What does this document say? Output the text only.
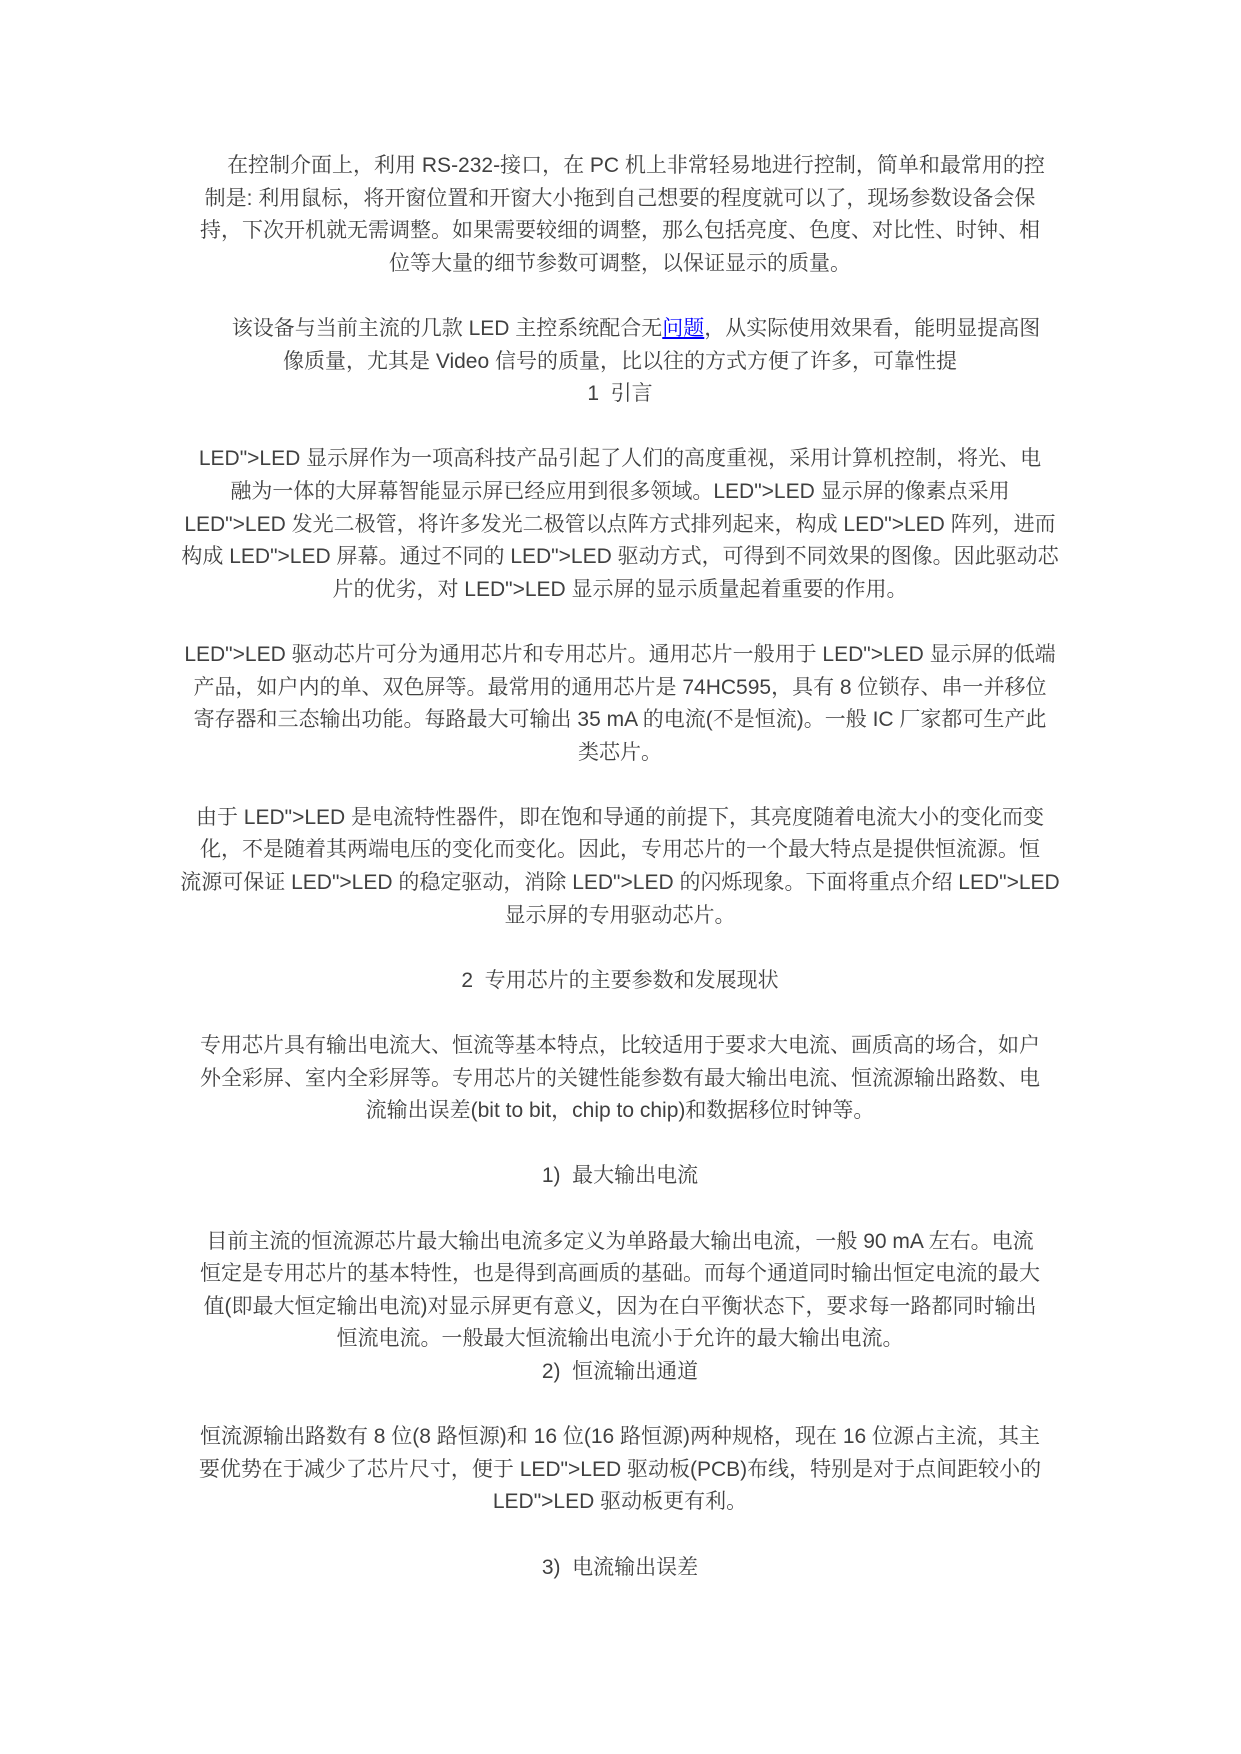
在控制介面上，利用 RS-232-接口，在 PC 机上非常轻易地进行控制，简单和最常用的控
制是: 利用鼠标，将开窗位置和开窗大小拖到自己想要的程度就可以了，现场参数设备会保
持，下次开机就无需调整。如果需要较细的调整，那么包括亮度、色度、对比性、时钟、相
位等大量的细节参数可调整，以保证显示的质量。
该设备与当前主流的几款 LED 主控系统配合无 问题 ，从实际使用效果看，能明显提高图
像质量，尤其是 Video 信号的质量，比以往的方式方便了许多，可靠性提
1  引言
LED">LED 显示屏作为一项高科技产品引起了人们的高度重视，采用计算机控制，将光、电
融为一体的大屏幕智能显示屏已经应用到很多领域。LED">LED 显示屏的像素点采用
LED">LED 发光二极管，将许多发光二极管以点阵方式排列起来，构成 LED">LED 阵列，进而
构成 LED">LED 屏幕。通过不同的 LED">LED 驱动方式，可得到不同效果的图像。因此驱动芯
片的优劣，对 LED">LED 显示屏的显示质量起着重要的作用。
LED">LED 驱动芯片可分为通用芯片和专用芯片。通用芯片一般用于 LED">LED 显示屏的低端
产品，如户内的单、双色屏等。最常用的通用芯片是 74HC595，具有 8 位锁存、串一并移位
寄存器和三态输出功能。每路最大可输出 35 mA 的电流(不是恒流)。一般 IC 厂家都可生产此
类芯片。
由于 LED">LED 是电流特性器件，即在饱和导通的前提下，其亮度随着电流大小的变化而变
化，不是随着其两端电压的变化而变化。因此，专用芯片的一个最大特点是提供恒流源。恒
流源可保证 LED">LED 的稳定驱动，消除 LED">LED 的闪烁现象。下面将重点介绍 LED">LED
显示屏的专用驱动芯片。
2  专用芯片的主要参数和发展现状
专用芯片具有输出电流大、恒流等基本特点，比较适用于要求大电流、画质高的场合，如户
外全彩屏、室内全彩屏等。专用芯片的关键性能参数有最大输出电流、恒流源输出路数、电
流输出误差(bit to bit，chip to chip)和数据移位时钟等。
1)  最大输出电流
目前主流的恒流源芯片最大输出电流多定义为单路最大输出电流，一般 90 mA 左右。电流
恒定是专用芯片的基本特性，也是得到高画质的基础。而每个通道同时输出恒定电流的最大
值(即最大恒定输出电流)对显示屏更有意义，因为在白平衡状态下，要求每一路都同时输出
恒流电流。一般最大恒流输出电流小于允许的最大输出电流。
2)  恒流输出通道
恒流源输出路数有 8 位(8 路恒源)和 16 位(16 路恒源)两种规格，现在 16 位源占主流，其主
要优势在于减少了芯片尺寸，便于 LED">LED 驱动板(PCB)布线，特别是对于点间距较小的
LED">LED 驱动板更有利。
3)  电流输出误差
